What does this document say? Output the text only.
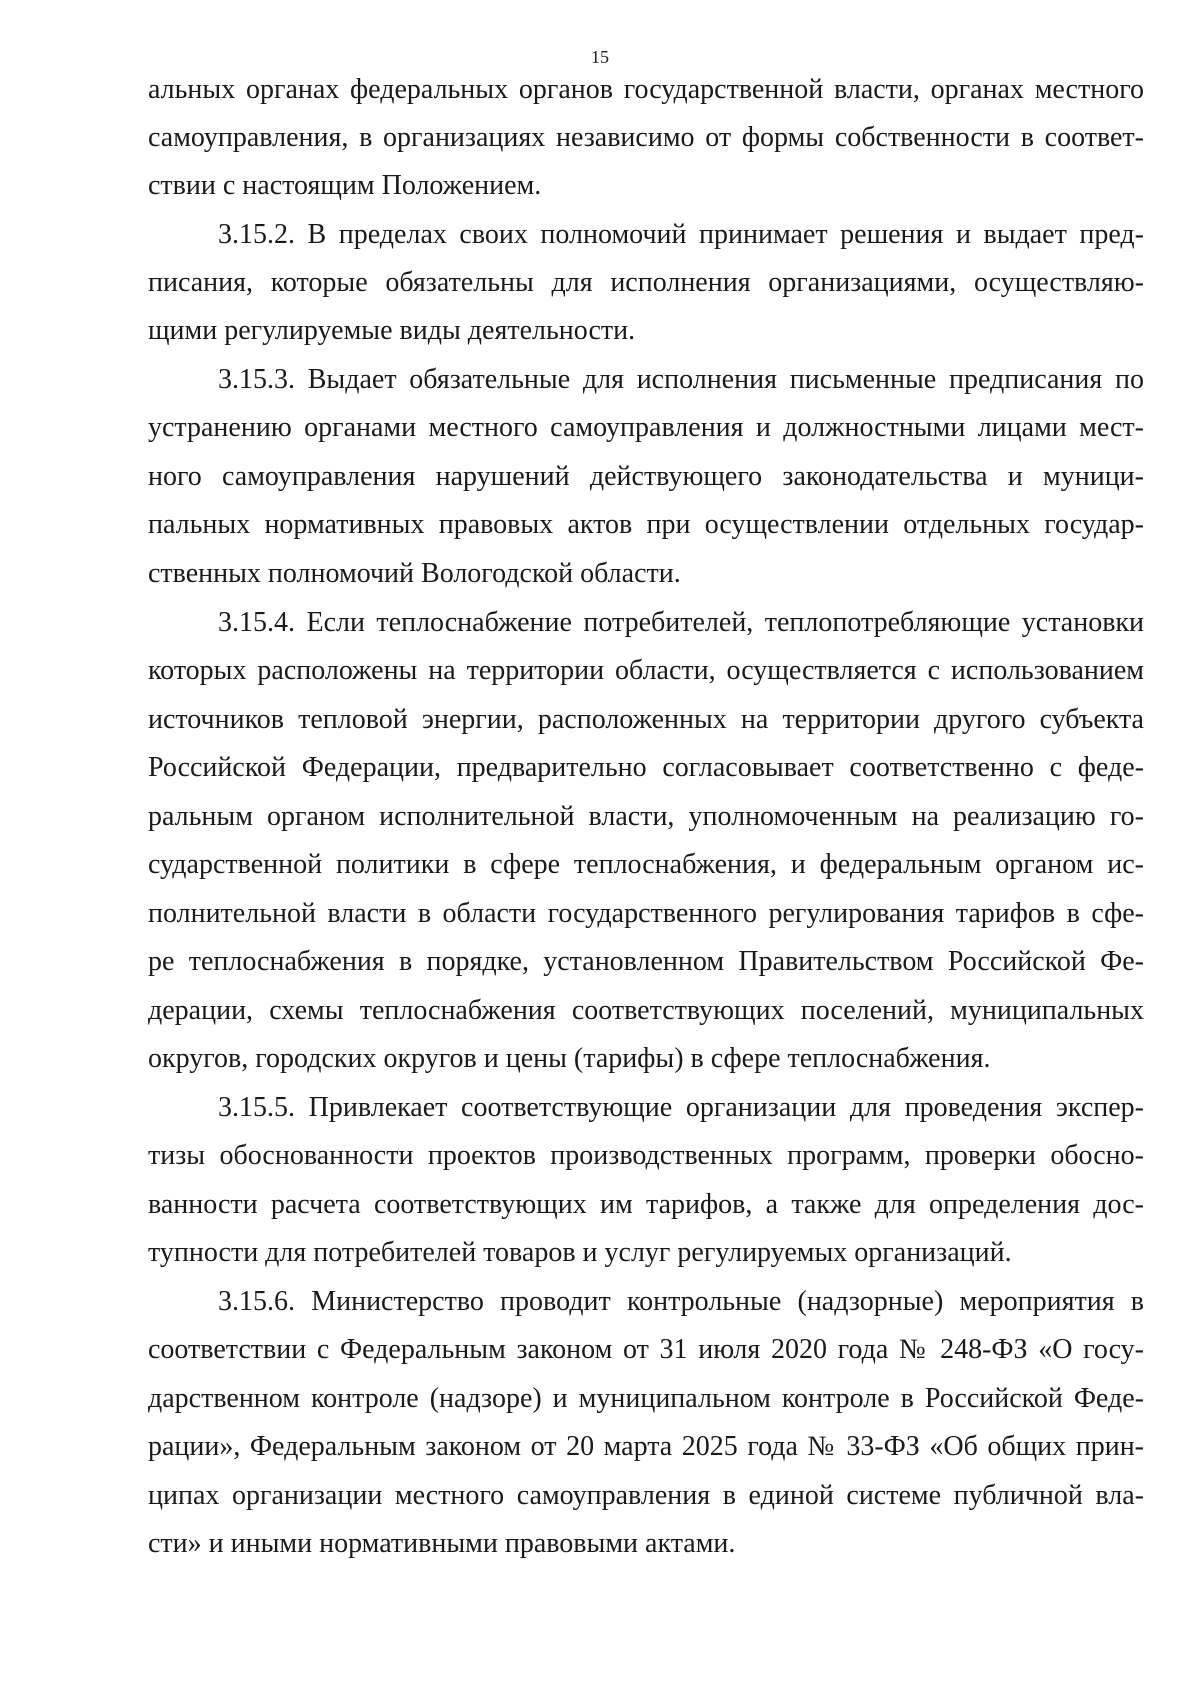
15
альных органах федеральных органов государственной власти, органах местного
самоуправления, в организациях независимо от формы собственности в соответ-
ствии с настоящим Положением.
3.15.2. В пределах своих полномочий принимает решения и выдает пред-
писания, которые обязательны для исполнения организациями, осуществляю-
щими регулируемые виды деятельности.
3.15.3. Выдает обязательные для исполнения письменные предписания по
устранению органами местного самоуправления и должностными лицами мест-
ного самоуправления нарушений действующего законодательства и муници-
пальных нормативных правовых актов при осуществлении отдельных государ-
ственных полномочий Вологодской области.
3.15.4. Если теплоснабжение потребителей, теплопотребляющие установки
которых расположены на территории области, осуществляется с использованием
источников тепловой энергии, расположенных на территории другого субъекта
Российской Федерации, предварительно согласовывает соответственно с феде-
ральным органом исполнительной власти, уполномоченным на реализацию го-
сударственной политики в сфере теплоснабжения, и федеральным органом ис-
полнительной власти в области государственного регулирования тарифов в сфе-
ре теплоснабжения в порядке, установленном Правительством Российской Фе-
дерации, схемы теплоснабжения соответствующих поселений, муниципальных
округов, городских округов и цены (тарифы) в сфере теплоснабжения.
3.15.5. Привлекает соответствующие организации для проведения экспер-
тизы обоснованности проектов производственных программ, проверки обосно-
ванности расчета соответствующих им тарифов, а также для определения дос-
тупности для потребителей товаров и услуг регулируемых организаций.
3.15.6. Министерство проводит контрольные (надзорные) мероприятия в
соответствии с Федеральным законом от 31 июля 2020 года № 248-ФЗ «О госу-
дарственном контроле (надзоре) и муниципальном контроле в Российской Феде-
рации», Федеральным законом от 20 марта 2025 года № 33-ФЗ «Об общих прин-
ципах организации местного самоуправления в единой системе публичной вла-
сти» и иными нормативными правовыми актами.
